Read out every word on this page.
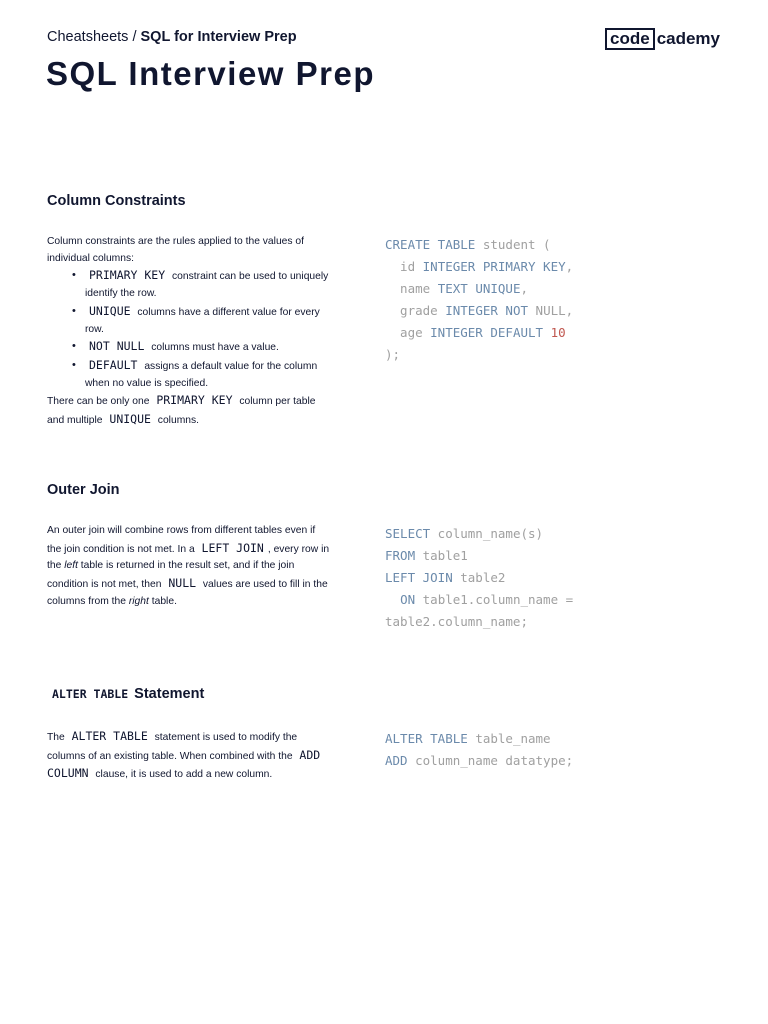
Cheatsheets / SQL for Interview Prep	code cademy
SQL Interview Prep
Column Constraints

Column constraints are the rules applied to the values of individual columns:

• PRIMARY KEY constraint can be used to uniquely identify the row.
• UNIQUE columns have a different value for every row.
• NOT NULL columns must have a value.
• DEFAULT assigns a default value for the column when no value is specified.

There can be only one PRIMARY KEY column per table and multiple UNIQUE columns.

CREATE TABLE student (
id INTEGER PRIMARY KEY,
name TEXT UNIQUE,
grade INTEGER NOT NULL,
age INTEGER DEFAULT 10
);
Outer Join

An outer join will combine rows from different tables even if the join condition is not met. In a LEFT JOIN , every row in the left table is returned in the result set, and if the join condition is not met, then NULL values are used to fill in the columns from the right table.

SELECT column_name(s)
FROM table1
LEFT JOIN table2
ON table1.column_name =
table2.column_name;
ALTER TABLE Statement

The ALTER TABLE statement is used to modify the columns of an existing table. When combined with the ADD COLUMN clause, it is used to add a new column.

ALTER TABLE table_name
ADD column_name datatype;
